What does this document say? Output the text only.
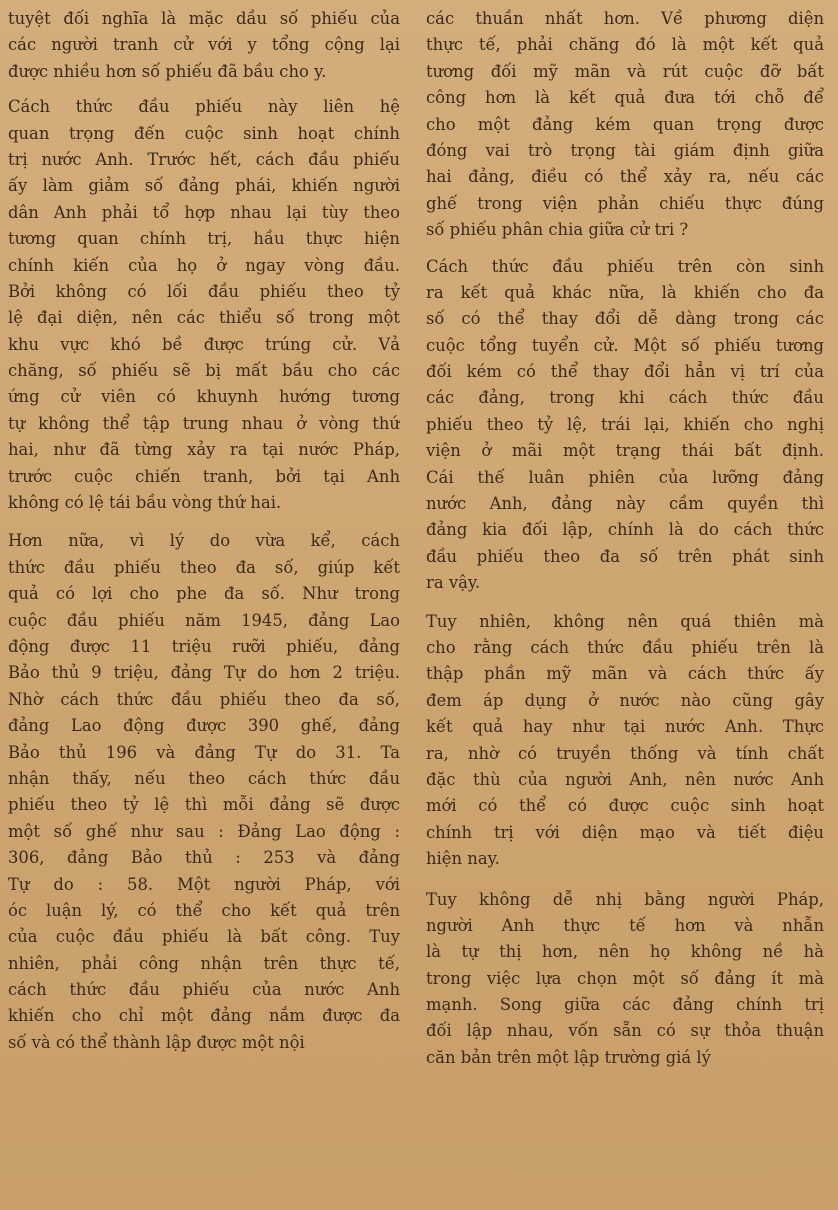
tuyệt đối nghĩa là mặc dầu số phiếu của
các người tranh cử với y tổng cộng lại
được nhiều hơn số phiếu đã bầu cho y.
Cách thức đầu phiếu này liên hệ
quan trọng đến cuộc sinh hoạt chính
trị nước Anh. Trước hết, cách đầu phiếu
ấy làm giảm số đảng phái, khiến người
dân Anh phải tổ hợp nhau lại tùy theo
tương quan chính trị, hầu thực hiện
chính kiến của họ ở ngay vòng đầu.
Bởi không có lối đầu phiếu theo tỷ
lệ đại diện, nên các thiểu số trong một
khu vực khó bề được trúng cử. Vả
chăng, số phiếu sẽ bị mất bầu cho các
ứng cử viên có khuynh hướng tương
tự không thể tập trung nhau ở vòng thứ
hai, như đã từng xảy ra tại nước Pháp,
trước cuộc chiến tranh, bởi tại Anh
không có lệ tái bầu vòng thứ hai.
Hơn nữa, vì lý do vừa kể, cách
thức đầu phiếu theo đa số, giúp kết
quả có lợi cho phe đa số. Như trong
cuộc đầu phiếu năm 1945, đảng Lao
động được 11 triệu rưỡi phiếu, đảng
Bảo thủ 9 triệu, đảng Tự do hơn 2 triệu.
Nhờ cách thức đầu phiếu theo đa số,
đảng Lao động được 390 ghế, đảng
Bảo thủ 196 và đảng Tự do 31. Ta
nhận thấy, nếu theo cách thức đầu
phiếu theo tỷ lệ thì mỗi đảng sẽ được
một số ghế như sau : Đảng Lao động :
306, đảng Bảo thủ : 253 và đảng
Tự do : 58. Một người Pháp, với
óc luận lý, có thể cho kết quả trên
của cuộc đầu phiếu là bất công. Tuy
nhiên, phải công nhận trên thực tế,
cách thức đầu phiếu của nước Anh
khiến cho chỉ một đảng nắm được đa
số và có thể thành lập được một nội
các thuần nhất hơn. Về phương diện
thực tế, phải chăng đó là một kết quả
tương đối mỹ mãn và rút cuộc đỡ bất
công hơn là kết quả đưa tới chỗ để
cho một đảng kém quan trọng được
đóng vai trò trọng tài giám định giữa
hai đảng, điều có thể xảy ra, nếu các
ghế trong viện phản chiếu thực đúng
số phiếu phân chia giữa cử tri ?
Cách thức đầu phiếu trên còn sinh
ra kết quả khác nữa, là khiến cho đa
số có thể thay đổi dễ dàng trong các
cuộc tổng tuyển cử. Một số phiếu tương
đối kém có thể thay đổi hẳn vị trí của
các đảng, trong khi cách thức đầu
phiếu theo tỷ lệ, trái lại, khiến cho nghị
viện ở mãi một trạng thái bất định.
Cái thế luân phiên của lưỡng đảng
nước Anh, đảng này cầm quyền thì
đảng kia đối lập, chính là do cách thức
đầu phiếu theo đa số trên phát sinh
ra vậy.
Tuy nhiên, không nên quá thiên mà
cho rằng cách thức đầu phiếu trên là
thập phần mỹ mãn và cách thức ấy
đem áp dụng ở nước nào cũng gây
kết quả hay như tại nước Anh. Thực
ra, nhờ có truyền thống và tính chất
đặc thù của người Anh, nên nước Anh
mới có thể có được cuộc sinh hoạt
chính trị với diện mạo và tiết điệu
hiện nay.
Tuy không dễ nhị bằng người Pháp,
người Anh thực tế hơn và nhẫn
là tự thị hơn, nên họ không nề hà
trong việc lựa chọn một số đảng ít mà
mạnh. Song giữa các đảng chính trị
đối lập nhau, vốn sẵn có sự thỏa thuận
căn bản trên một lập trường giá lý
